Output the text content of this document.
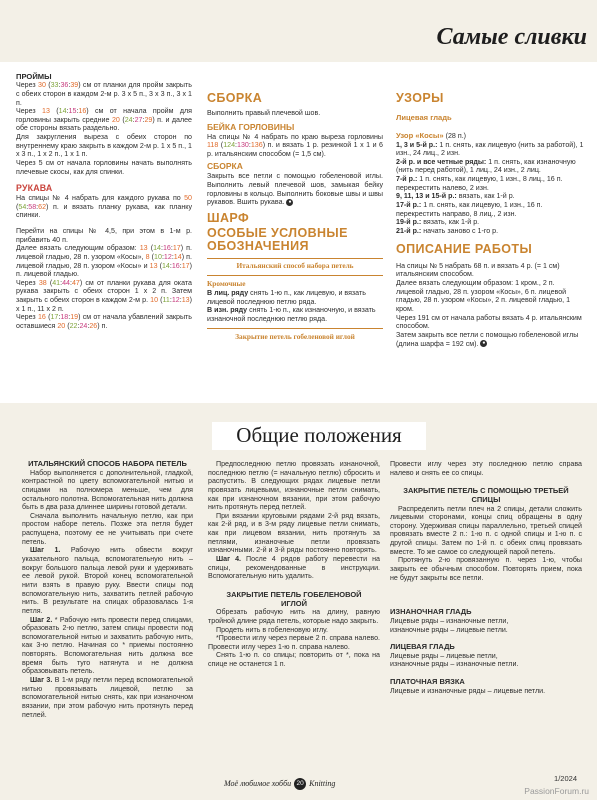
Самые сливки
ПРОЙМЫ

Через 30 (33:36:39) см от планки для пройм закрыть с обеих сторон в каждом 2-м р. 3 х 5 п., 3 х 3 п., 3 х 1 п.

Через 13 (14:15:16) см от начала пройм для горловины закрыть средние 20 (24:27:29) п. и далее обе стороны вязать раздельно.

Для закругления выреза с обеих сторон по внутреннему краю закрыть в каждом 2-м р. 1 х 5 п., 1 х 3 п., 1 х 2 п., 1 х 1 п.

Через 5 см от начала горловины начать выполнять плечевые скосы, как для спинки.

РУКАВА

На спицы № 4 набрать для каждого рукава по 50 (54:58:62) п. и вязать планку рукава, как планку спинки.

Перейти на спицы № 4,5, при этом в 1-м р. прибавить 40 п.

Далее вязать следующим образом: 13 (14:16:17) п. лицевой гладью, 28 п. узором «Косы», 8 (10:12:14) п. лицевой гладью, 28 п. узором «Косы» и 13 (14:16:17) п. лицевой гладью.

Через 38 (41:44:47) см от планки рукава для оката рукава закрыть с обеих сторон 1 х 2 п. Затем закрыть с обеих сторон в каждом 2-м р. 10 (11:12:13) х 1 п., 11 х 2 п.

Через 16 (17:18:19) см от начала убавлений закрыть оставшиеся 20 (22:24:26) п.

СБОРКА

Выполнить правый плечевой шов.

БЕЙКА ГОРЛОВИНЫ

На спицы № 4 набрать по краю выреза горловины 118 (124:130:136) п. и вязать 1 р. резинкой 1 х 1 и 6 р. итальянским способом (= 1,5 см).

СБОРКА

Закрыть все петли с помощью гобеленовой иглы. Выполнить левый плечевой шов, замыкая бейку горловины в кольцо. Выполнить боковые швы и швы рукавов. Вшить рукава. ●

ШАРФ
ОСОБЫЕ УСЛОВНЫЕ ОБОЗНАЧЕНИЯ
Итальянский способ набора петель
Кромочные

В лиц. ряду снять 1-ю п., как лицевую, и вязать лицевой последнюю петлю ряда.

В изн. ряду снять 1-ю п., как изнаночную, и вязать изнаночной последнюю петлю ряда.

Закрытие петель гобеленовой иглой
УЗОРЫ
Лицевая гладь

Узор «Косы» (28 п.)

1, 3 и 5-й р.: 1 п. снять, как лицевую (нить за работой), 1 изн., 24 лиц., 2 изн.

2-й р. и все четные ряды: 1 п. снять, как изнаночную (нить перед работой), 1 лиц., 24 изн., 2 лиц.

7-й р.: 1 п. снять, как лицевую, 1 изн., 8 лиц., 16 п. перекрестить налево, 2 изн.

9, 11, 13 и 15-й р.: вязать, как 1-й р.

17-й р.: 1 п. снять, как лицевую, 1 изн., 16 п. перекрестить направо, 8 лиц., 2 изн.

19-й р.: вязать, как 1-й р.

21-й р.: начать заново с 1-го р.

ОПИСАНИЕ РАБОТЫ

На спицы № 5 набрать 68 п. и вязать 4 р. (= 1 см) итальянским способом.

Далее вязать следующим образом: 1 кром., 2 п. лицевой гладью, 28 п. узором «Косы», 6 п. лицевой гладью, 28 п. узором «Косы», 2 п. лицевой гладью, 1 кром.

Через 191 см от начала работы вязать 4 р. итальянским способом.

Затем закрыть все петли с помощью гобеленовой иглы (длина шарфа = 192 см). ●

Общие положения
ИТАЛЬЯНСКИЙ СПОСОБ НАБОРА ПЕТЕЛЬ

Набор выполняется с дополнительной, гладкой, контрастной по цвету вспомогательной нитью и спицами на полномера меньше, чем для остального полотна. Вспомогательная нить должна быть в два раза длиннее ширины готовой детали.

Сначала выполнить начальную петлю, как при простом наборе петель. Позже эта петля будет распущена, поэтому ее не учитывать при счете петель.

Шаг 1. Рабочую нить обвести вокруг указательного пальца, вспомогательную нить – вокруг большого пальца левой руки и удерживать ее левой рукой. Второй конец вспомогательной нити взять в правую руку. Ввести спицы под вспомогательную нить, захватить петлей рабочую нить. В результате на спицах образовалась 1-я петля.

Шаг 2. * Рабочую нить провести перед спицами, образовать 2-ю петлю, затем спицы провести под вспомогательной нитью и захватить рабочую нить, как 3-ю петлю. Начиная со * приемы постоянно повторять. Вспомогательная нить должна все время быть туго натянута и не должна образовывать петель.

Шаг 3. В 1-м ряду петли перед вспомогательной нитью провязывать лицевой, петлю за вспомогательной нитью снять, как при изнаночном вязании, при этом рабочую нить протянуть перед петлей.

Предпоследнюю петлю провязать изнаночной, последнюю петлю (= начальную петлю) сбросить и распустить. В следующих рядах лицевые петли провязать лицевыми, изнаночные петли снимать, как при изнаночном вязании, при этом рабочую нить протянуть перед петлей.

При вязании круговыми рядами 2-й ряд вязать, как 2-й ряд, и в 3-м ряду лицевые петли снимать, как при лицевом вязании, нить протянуть за петлями, изнаночные петли провязать изнаночными. 2-й и 3-й ряды постоянно повторять.

Шаг 4. После 4 рядов работу перевести на спицы, рекомендованные в инструкции. Вспомогательную нить удалить.

ЗАКРЫТИЕ ПЕТЕЛЬ ГОБЕЛЕНОВОЙ ИГЛОЙ

Обрезать рабочую нить на длину, равную тройной длине ряда петель, которые надо закрыть.

Продеть нить в гобеленовую иглу.

*Провести иглу через первые 2 п. справа налево. Провести иглу через 1-ю п. справа налево.

Снять 1-ю п. со спицы; повторить от *, пока на спице не останется 1 п.

Провести иглу через эту последнюю петлю справа налево и снять ее со спицы.

ЗАКРЫТИЕ ПЕТЕЛЬ С ПОМОЩЬЮ ТРЕТЬЕЙ СПИЦЫ

Распределить петли плеч на 2 спицы, детали сложить лицевыми сторонами, концы спиц обращены в одну сторону. Удерживая спицы параллельно, третьей спицей провязать вместе 2 п.: 1-ю п. с одной спицы и 1-ю п. с другой спицы. Затем по 1-й п. с обеих спиц провязать вместе. То же самое со следующей парой петель.

Протянуть 2-ю провязанную п. через 1-ю, чтобы закрыть ее обычным способом. Повторять прием, пока не будут закрыты все петли.

ИЗНАНОЧНАЯ ГЛАДЬ

Лицевые ряды – изнаночные петли,

изнаночные ряды – лицевые петли.

ЛИЦЕВАЯ ГЛАДЬ

Лицевые ряды – лицевые петли,

изнаночные ряды – изнаночные петли.

ПЛАТОЧНАЯ ВЯЗКА

Лицевые и изнаночные ряды – лицевые петли.

Моё любимое хобби 20 Knitting
1/2024
PassionForum.ru
